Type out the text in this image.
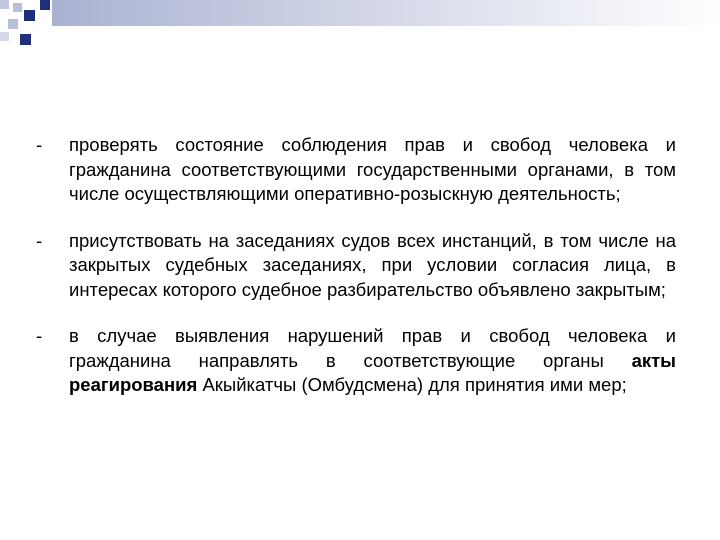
-	проверять состояние соблюдения прав и свобод человека и гражданина соответствующими государственными органами, в том числе осуществляющими оперативно-розыскную деятельность;
-	присутствовать на заседаниях судов всех инстанций, в том числе на закрытых судебных заседаниях, при условии согласия лица, в интересах которого судебное разбирательство объявлено закрытым;
-	в случае выявления нарушений прав и свобод человека и гражданина направлять в соответствующие органы акты реагирования Акыйкатчы (Омбудсмена) для принятия ими мер;
